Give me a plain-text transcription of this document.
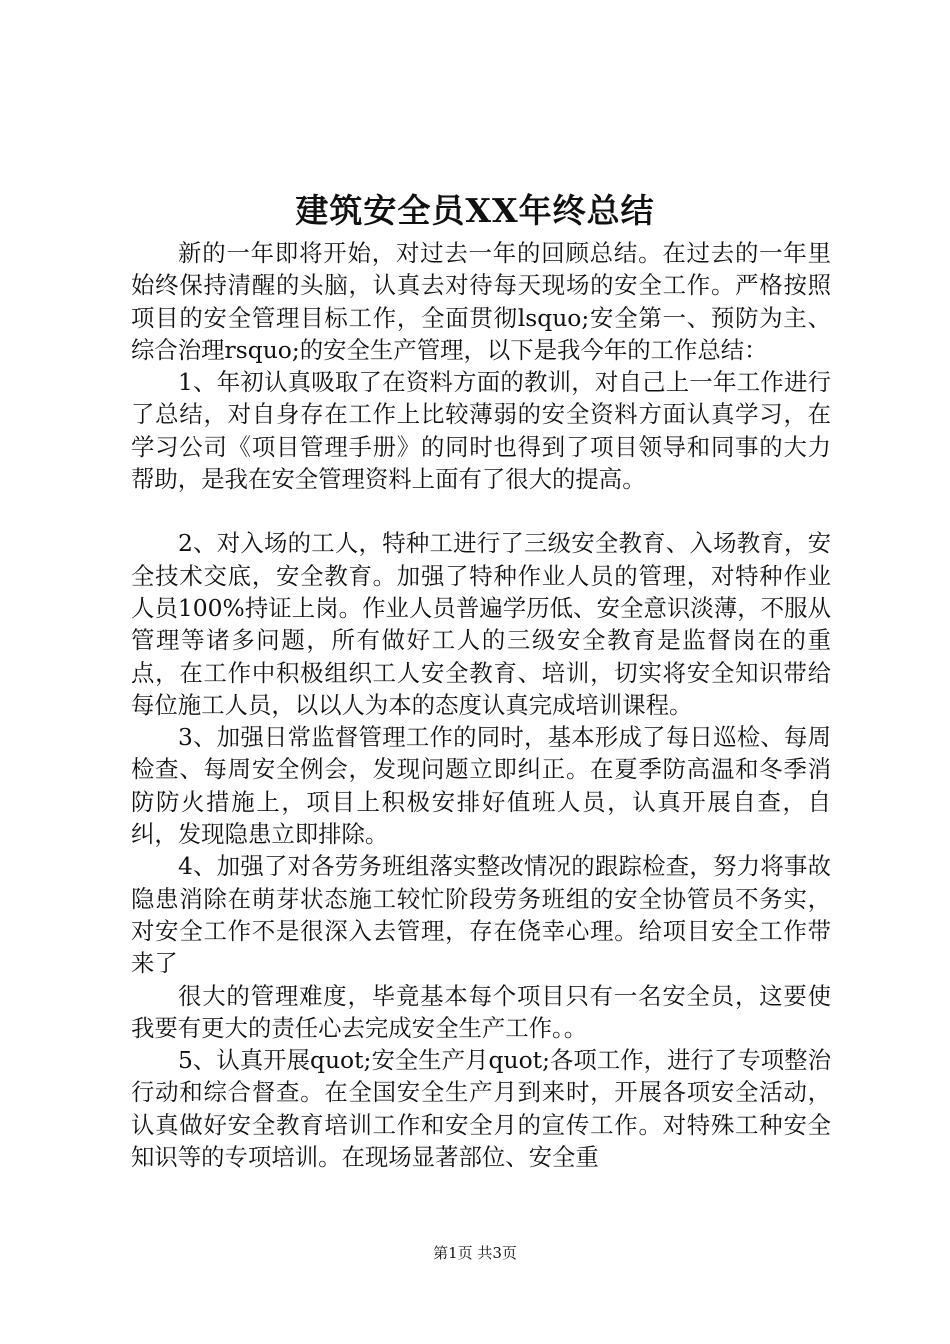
建筑安全员XX年终总结

新的一年即将开始，对过去一年的回顾总结。在过去的一年里始终保持清醒的头脑，认真去对待每天现场的安全工作。严格按照项目的安全管理目标工作，全面贯彻lsquo;安全第一、预防为主、综合治理rsquo;的安全生产管理，以下是我今年的工作总结：

1、年初认真吸取了在资料方面的教训，对自己上一年工作进行了总结，对自身存在工作上比较薄弱的安全资料方面认真学习，在学习公司《项目管理手册》的同时也得到了项目领导和同事的大力帮助，是我在安全管理资料上面有了很大的提高。

2、对入场的工人，特种工进行了三级安全教育、入场教育，安全技术交底，安全教育。加强了特种作业人员的管理，对特种作业人员100%持证上岗。作业人员普遍学历低、安全意识淡薄，不服从管理等诸多问题，所有做好工人的三级安全教育是监督岗在的重点，在工作中积极组织工人安全教育、培训，切实将安全知识带给每位施工人员，以以人为本的态度认真完成培训课程。

3、加强日常监督管理工作的同时，基本形成了每日巡检、每周检查、每周安全例会，发现问题立即纠正。在夏季防高温和冬季消防防火措施上，项目上积极安排好值班人员，认真开展自查，自纠，发现隐患立即排除。

4、加强了对各劳务班组落实整改情况的跟踪检查，努力将事故隐患消除在萌芽状态施工较忙阶段劳务班组的安全协管员不务实，对安全工作不是很深入去管理，存在侥幸心理。给项目安全工作带来了

很大的管理难度，毕竟基本每个项目只有一名安全员，这要使我要有更大的责任心去完成安全生产工作。。

5、认真开展quot;安全生产月quot;各项工作，进行了专项整治行动和综合督查。在全国安全生产月到来时，开展各项安全活动，认真做好安全教育培训工作和安全月的宣传工作。对特殊工种安全知识等的专项培训。在现场显著部位、安全重

第1页 共3页
